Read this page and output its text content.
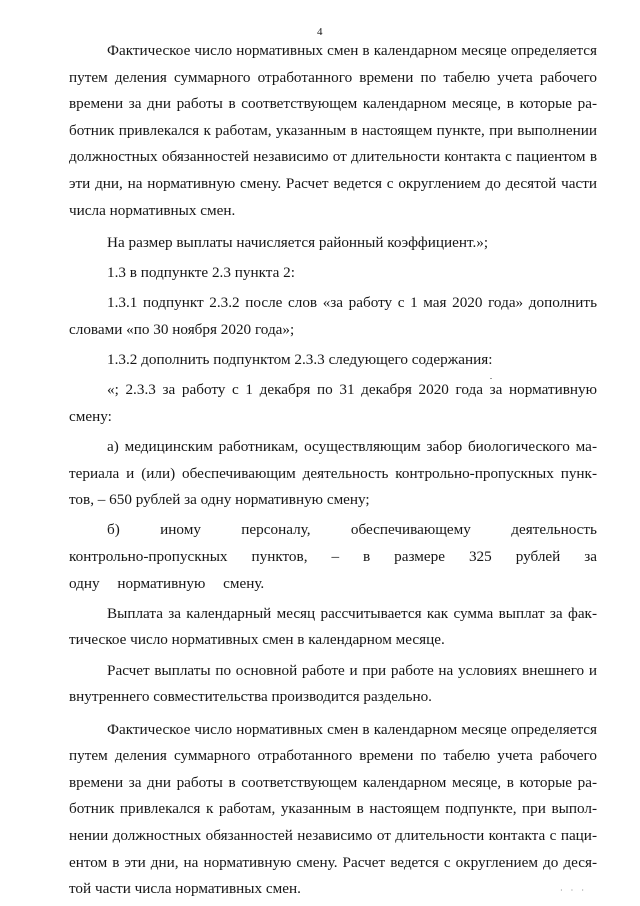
4

Фактическое число нормативных смен в календарном месяце определяется путем деления суммарного отработанного времени по табелю учета рабочего времени за дни работы в соответствующем календарном месяце, в которые работник привлекался к работам, указанным в настоящем пункте, при выполнении должностных обязанностей независимо от длительности контакта с пациентом в эти дни, на нормативную смену. Расчет ведется с округлением до десятой части числа нормативных смен.

На размер выплаты начисляется районный коэффициент.»;

1.3 в подпункте 2.3 пункта 2:

1.3.1 подпункт 2.3.2 после слов «за работу с 1 мая 2020 года» дополнить словами «по 30 ноября 2020 года»;

1.3.2 дополнить подпунктом 2.3.3 следующего содержания:

«; 2.3.3 за работу с 1 декабря по 31 декабря 2020 года за нормативную смену:

а) медицинским работникам, осуществляющим забор биологического материала и (или) обеспечивающим деятельность контрольно-пропускных пунктов, – 650 рублей за одну нормативную смену;

б) иному персоналу, обеспечивающему деятельность контрольно-пропускных пунктов, – в размере 325 рублей за одну нормативную смену.

Выплата за календарный месяц рассчитывается как сумма выплат за фактическое число нормативных смен в календарном месяце.

Расчет выплаты по основной работе и при работе на условиях внешнего и внутреннего совместительства производится раздельно.

Фактическое число нормативных смен в календарном месяце определяется путем деления суммарного отработанного времени по табелю учета рабочего времени за дни работы в соответствующем календарном месяце, в которые работник привлекался к работам, указанным в настоящем подпункте, при выполнении должностных обязанностей независимо от длительности контакта с пациентом в эти дни, на нормативную смену. Расчет ведется с округлением до десятой части числа нормативных смен.	· · ·
